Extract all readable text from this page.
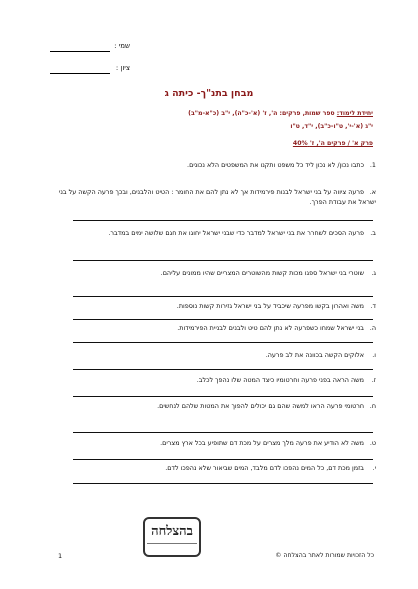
שמי :
ציון :
מבחן בתנ"ך- כיתה ג
יחידת לימוד: ספר שמות, פרקים: ה', ז' (א'-כ"ה), י"ב (כ"א-מ"ב)
י"ג (א'-י', ט"ו-כ"ב), י"ד, ט"ו
פרק א' / פרקים ה', ז' 40%
1.כתבו נכון/ לא נכון ליד כל משפט ותקנו את המשפטים הלא נכונים.
א.פרעה ציווה על בני ישראל לבנות פירמידות אך לא נתן להם את החומר : הטיט והלבנים, ובכך פרעה הקשה על בני ישראל את עבודת הפרך.
ב.פרעה הסכים לשחרר את בני ישראל למדבר כדי שבני ישראל יחוגו את חגם שלושה ימים במדבר.
ג.שוטרי בני ישראל ספגו מכות קשות מהשוטרים המצריים שהיו ממונים עליהם.
ד.משה ואהרון בקשו מפרעה שיכביד על בני ישראל גזירות קשות נוספות.
ה.בני ישראל שמחו כשפרעה לא נתן להם טיט ולבנים לבניית הפירמידות.
ו.אלוקים הקשה בכוונה את לב פרעה.
ז.משה הראה בפני פרעה וחרטומיו כיצד המטה שלו נהפך לכלב.
ח.חרטומי פרעה הראו למשה שהם גם יכולים להפוך את המטות שלהם לנחשים.
ט.משה לא הודיע את פרעה מלך מצרים על מכת דם שתופיע בכל ארץ מצרים.
י.בזמן מכת דם, כל המים נהפכו לדם מלבד, המים שביאור שלא נהפכו לדם.
בהצלחה
כל הזכויות שמורות לאתר בהצלחה ©
1
